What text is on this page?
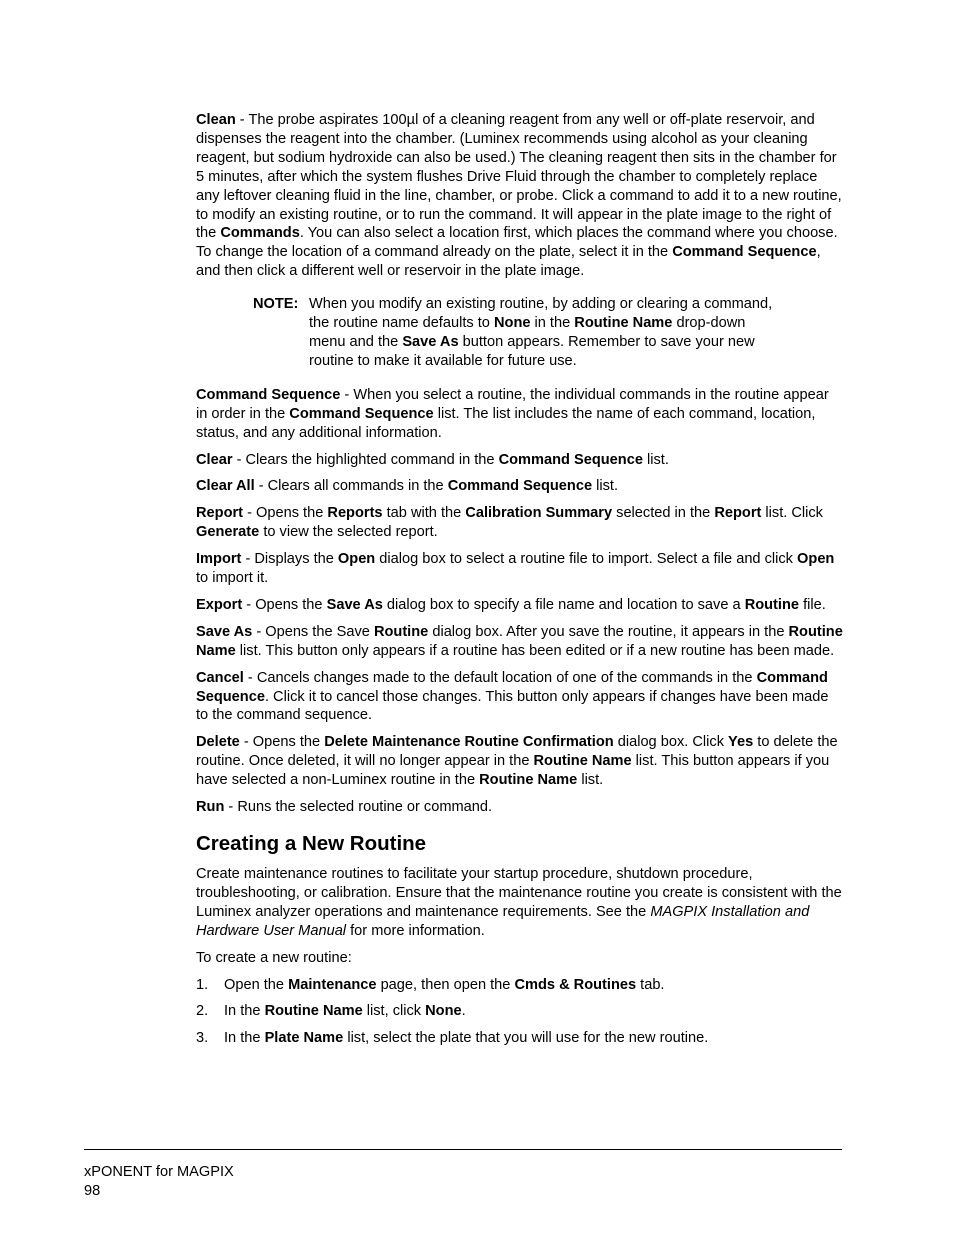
Clean - The probe aspirates 100µl of a cleaning reagent from any well or off-plate reservoir, and dispenses the reagent into the chamber. (Luminex recommends using alcohol as your cleaning reagent, but sodium hydroxide can also be used.) The cleaning reagent then sits in the chamber for 5 minutes, after which the system flushes Drive Fluid through the chamber to completely replace any leftover cleaning fluid in the line, chamber, or probe. Click a command to add it to a new routine, to modify an existing routine, or to run the command. It will appear in the plate image to the right of the Commands. You can also select a location first, which places the command where you choose. To change the location of a command already on the plate, select it in the Command Sequence, and then click a different well or reservoir in the plate image.

NOTE: When you modify an existing routine, by adding or clearing a command, the routine name defaults to None in the Routine Name drop-down menu and the Save As button appears. Remember to save your new routine to make it available for future use.

Command Sequence - When you select a routine, the individual commands in the routine appear in order in the Command Sequence list. The list includes the name of each command, location, status, and any additional information.

Clear - Clears the highlighted command in the Command Sequence list.

Clear All - Clears all commands in the Command Sequence list.

Report - Opens the Reports tab with the Calibration Summary selected in the Report list. Click Generate to view the selected report.

Import - Displays the Open dialog box to select a routine file to import. Select a file and click Open to import it.

Export - Opens the Save As dialog box to specify a file name and location to save a Routine file.

Save As - Opens the Save Routine dialog box. After you save the routine, it appears in the Routine Name list. This button only appears if a routine has been edited or if a new routine has been made.

Cancel - Cancels changes made to the default location of one of the commands in the Command Sequence. Click it to cancel those changes. This button only appears if changes have been made to the command sequence.

Delete - Opens the Delete Maintenance Routine Confirmation dialog box. Click Yes to delete the routine. Once deleted, it will no longer appear in the Routine Name list. This button appears if you have selected a non-Luminex routine in the Routine Name list.

Run - Runs the selected routine or command.

Creating a New Routine

Create maintenance routines to facilitate your startup procedure, shutdown procedure, troubleshooting, or calibration. Ensure that the maintenance routine you create is consistent with the Luminex analyzer operations and maintenance requirements. See the MAGPIX Installation and Hardware User Manual for more information.

To create a new routine:

1.	Open the Maintenance page, then open the Cmds & Routines tab.
2.	In the Routine Name list, click None.
3.	In the Plate Name list, select the plate that you will use for the new routine.
xPONENT for MAGPIX
98
